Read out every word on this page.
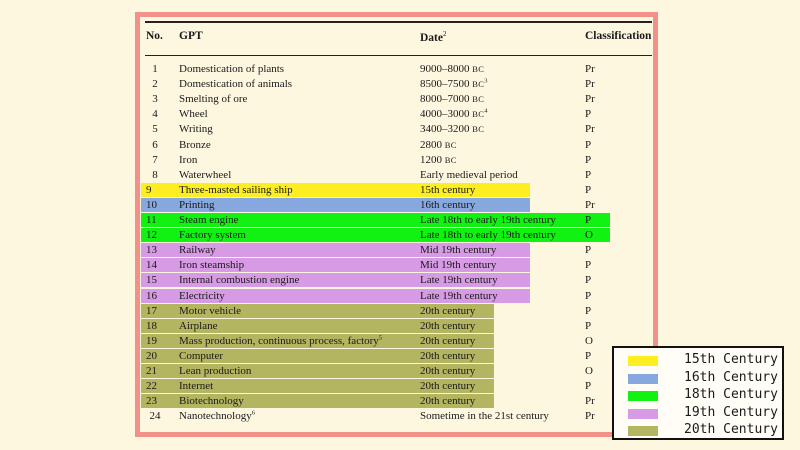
No. GPT	Date$^2$	Classification
1	Domestication of plants	9000–8000 BC	Pr
2	Domestication of animals	8500–7500 $BC^3$	Pr
3	Smelting of ore	8000–7000 BC	Pr
4	Wheel	4000–3000 $BC^4$	P
5	Writing	3400–3200 BC	Pr
6	Bronze	2800 BC	P
7	Iron	1200 BC	P
8	Waterwheel	Early medieval period	P
9	Three-masted sailing ship	15th century	P
10	Printing	16th century	Pr
11	Steam engine	Late 18th to early 19th century	P
12	Factory system	Late 18th to early 19th century	O
13	Railway	Mid 19th century	P
14	Iron steamship	Mid 19th century	P
15	Internal combustion engine	Late 19th century	P
16	Electricity	Late 19th century	P
17	Motor vehicle	20th century	P
18	Airplane	20th century	P
19	Mass production, continuous process, factory$^5$	20th century	O
20	Computer	20th century	P
21	Lean production	20th century	O
22	Internet	20th century	P
23	Biotechnology	20th century	Pr
24	Nanotechnology$^6$	Sometime in the 21st century	Pr
15th Century
16th Century
18th Century
19th Century
20th Century
